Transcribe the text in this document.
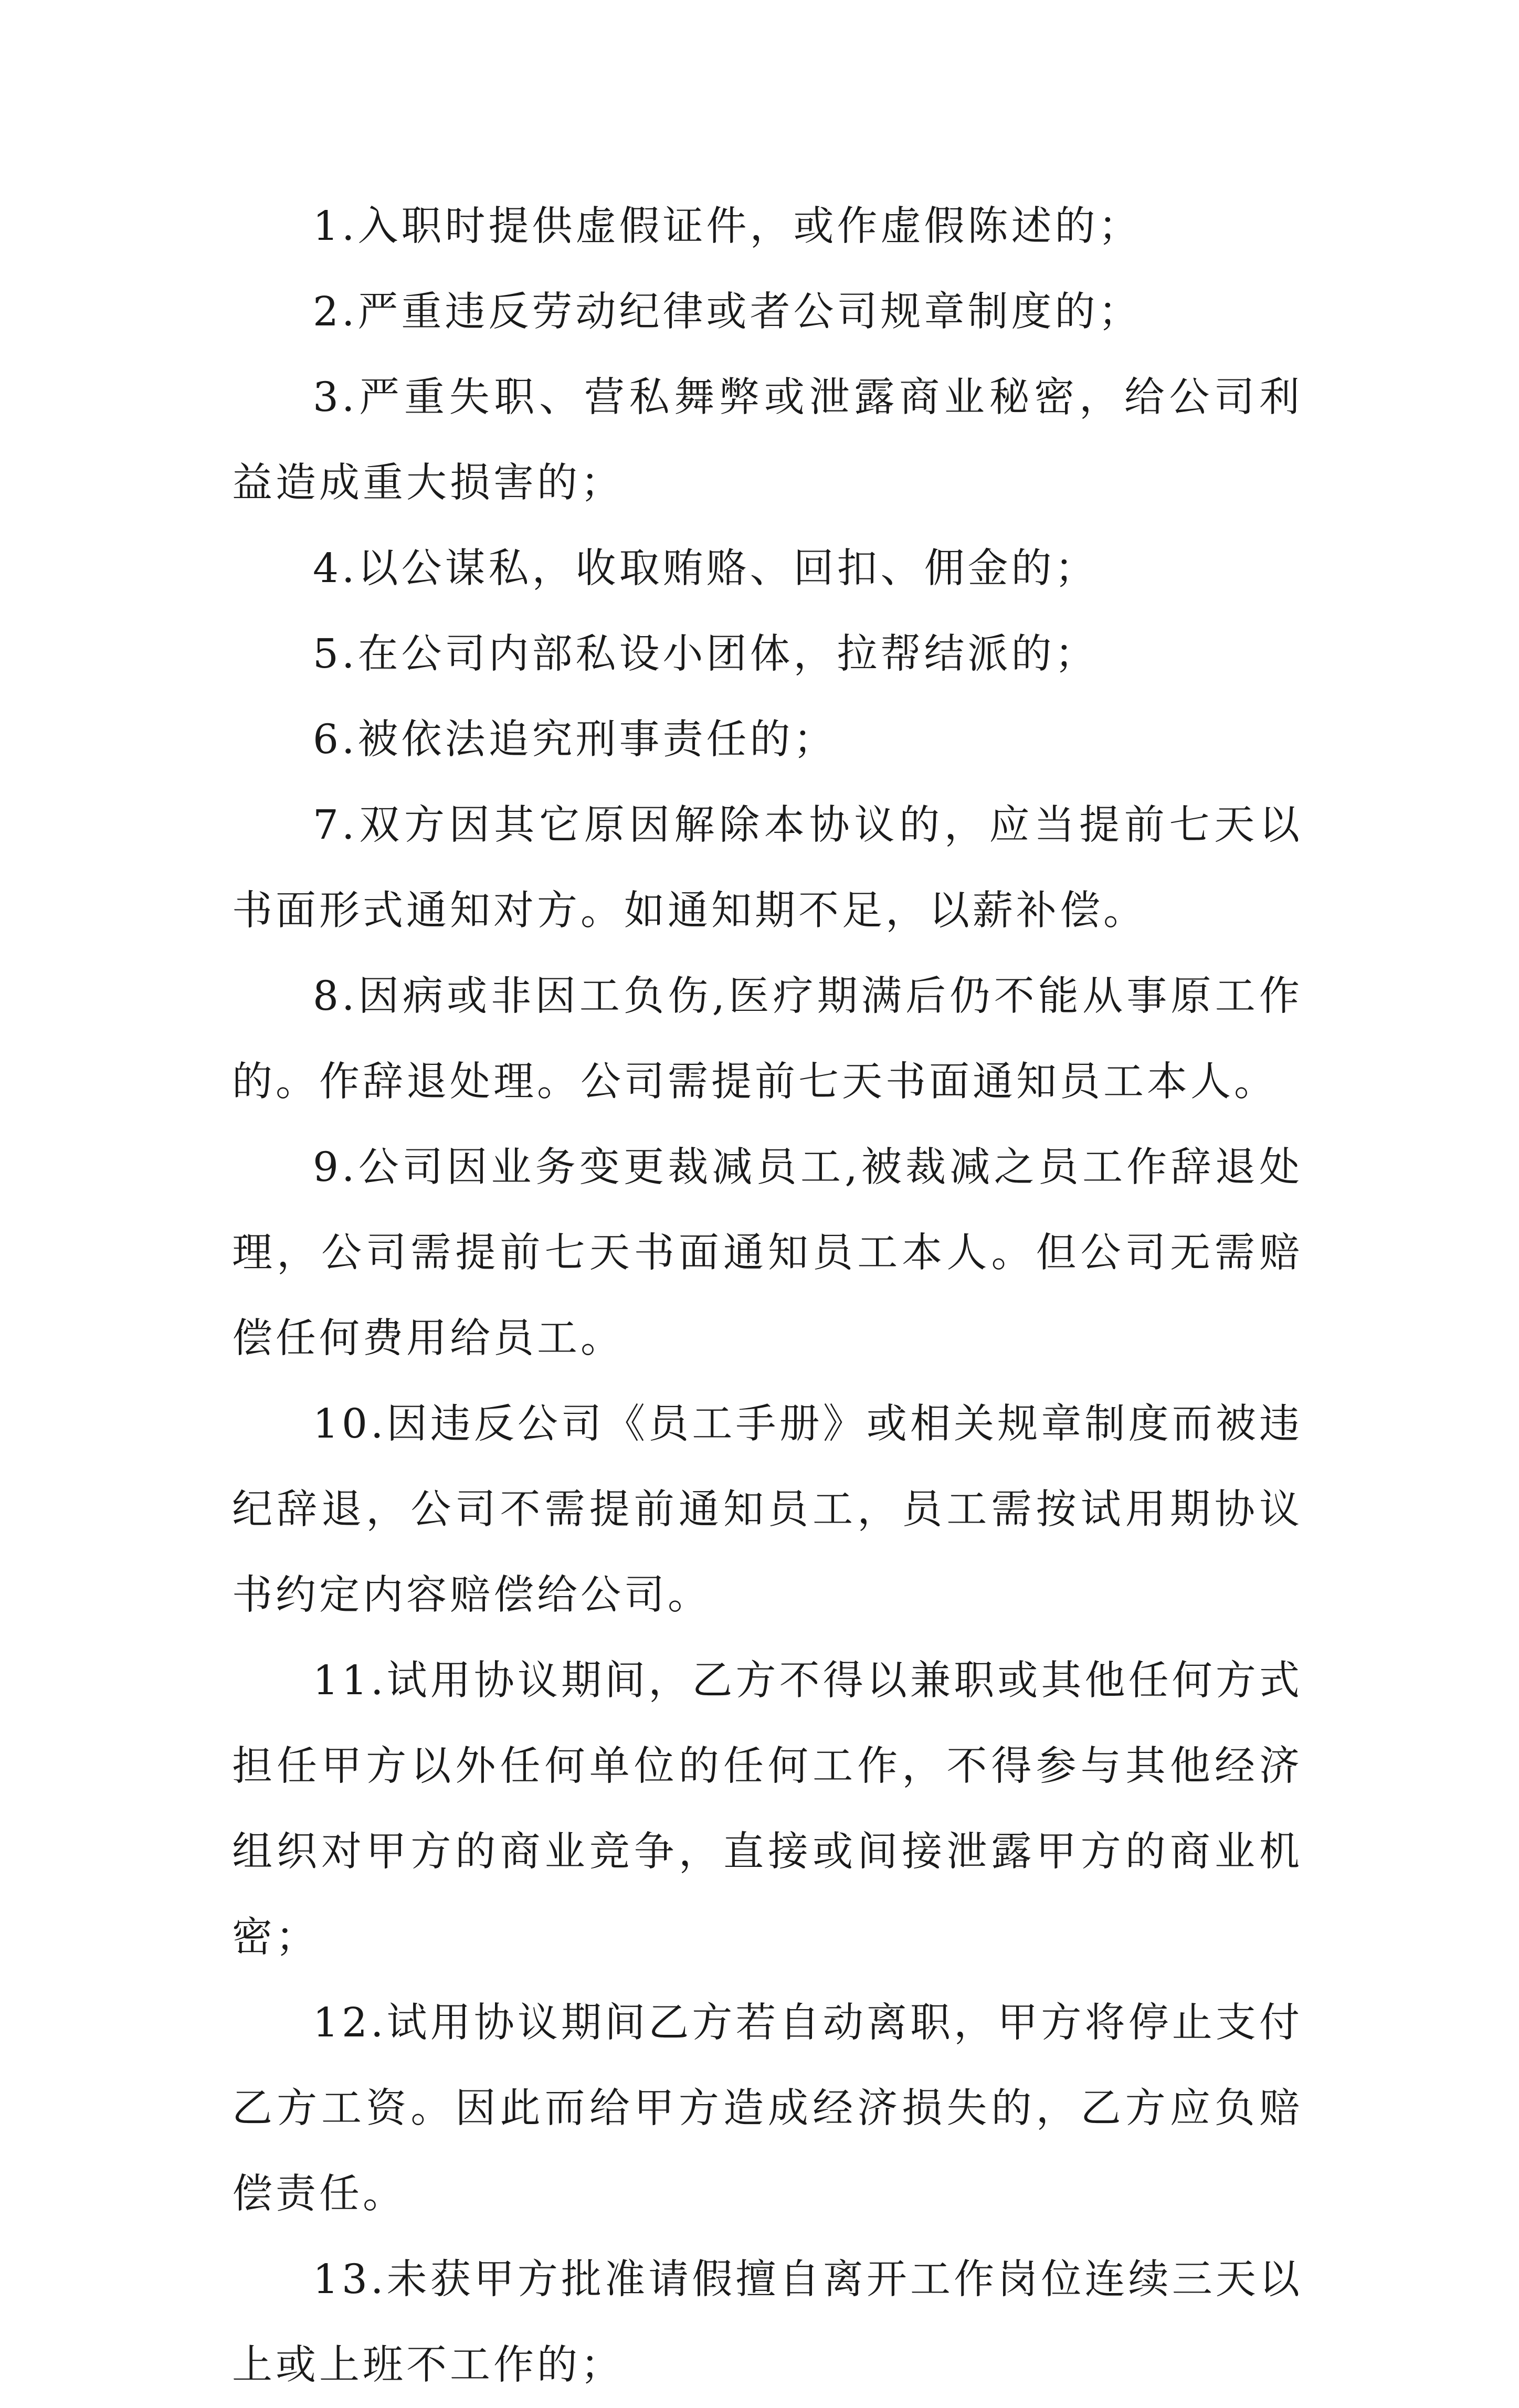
1.入职时提供虚假证件，或作虚假陈述的；

2.严重违反劳动纪律或者公司规章制度的；

3.严重失职、营私舞弊或泄露商业秘密，给公司利益造成重大损害的；

4.以公谋私，收取贿赂、回扣、佣金的；

5.在公司内部私设小团体，拉帮结派的；

6.被依法追究刑事责任的；

7.双方因其它原因解除本协议的，应当提前七天以书面形式通知对方。如通知期不足，以薪补偿。

8.因病或非因工负伤,医疗期满后仍不能从事原工作的。作辞退处理。公司需提前七天书面通知员工本人。

9.公司因业务变更裁减员工,被裁减之员工作辞退处理，公司需提前七天书面通知员工本人。但公司无需赔偿任何费用给员工。

10.因违反公司《员工手册》或相关规章制度而被违纪辞退，公司不需提前通知员工，员工需按试用期协议书约定内容赔偿给公司。

11.试用协议期间，乙方不得以兼职或其他任何方式担任甲方以外任何单位的任何工作，不得参与其他经济组织对甲方的商业竞争，直接或间接泄露甲方的商业机密；

12.试用协议期间乙方若自动离职，甲方将停止支付乙方工资。因此而给甲方造成经济损失的，乙方应负赔偿责任。

13.未获甲方批准请假擅自离开工作岗位连续三天以上或上班不工作的；
